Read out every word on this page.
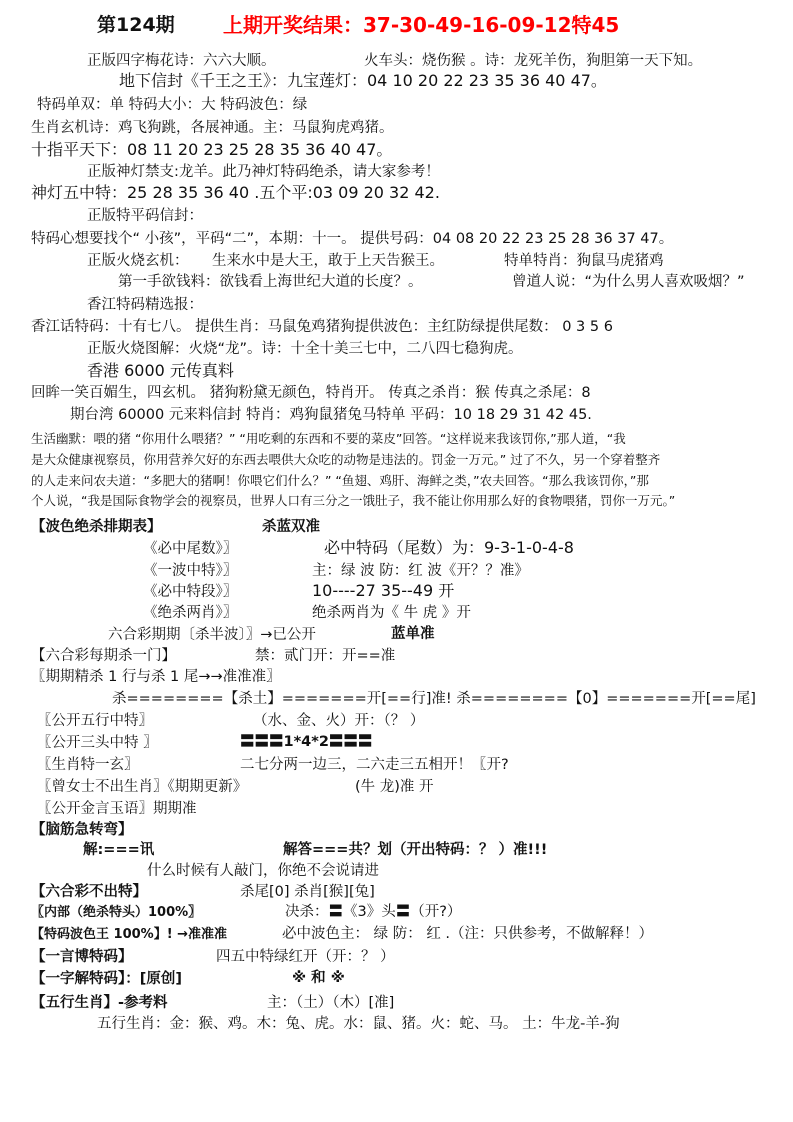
第124期 上期开奖结果：37-30-49-16-09-12特45
正版四字梅花诗：六六大顺。	火车头：烧伤猴 。诗：龙死羊伤，狗胆第一天下知。
地下信封《千王之王》：九宝莲灯：04 10 20 22 23 35 36 40 47。
特码单双：单 特码大小：大 特码波色：绿
生肖玄机诗：鸡飞狗跳，各展神通。主：马鼠狗虎鸡猪。
十指平天下：08 11 20 23 25 28 35 36 40 47。
正版神灯禁支:龙羊。此乃神灯特码绝杀，请大家参考！
神灯五中特：25 28 35 36 40 .五个平:03 09 20 32 42.
正版特平码信封：
特码心想要找个“ 小孩”，平码“二”，本期：十一。 提供号码：04 08 20 22 23 25 28 36 37 47。
正版火烧玄机： 生来水中是大王，敢于上天告猴王。	特单特肖：狗鼠马虎猪鸡
第一手欲钱料：欲钱看上海世纪大道的长度？。	曾道人说：“为什么男人喜欢吸烟？”
香江特码精选报：
香江话特码：十有七八。 提供生肖：马鼠兔鸡猪狗提供波色：主红防绿提供尾数： 0 3 5 6
正版火烧图解：火烧“龙”。诗：十全十美三七中，二八四七稳狗虎。
香港 6000 元传真料
回眸一笑百媚生，四玄机。 猪狗粉黛无颜色，特肖开。 传真之杀肖：猴 传真之杀尾：8
期台湾 60000 元来料信封 特肖：鸡狗鼠猪兔马特单 平码：10 18 29 31 42 45.
生活幽默：喂的猪 “你用什么喂猪？” “用吃剩的东西和不要的菜皮”回答。“这样说来我该罚你,”那人道，“我
是大众健康视察员，你用营养欠好的东西去喂供大众吃的动物是违法的。罚金一万元。” 过了不久，另一个穿着整齐
的人走来问农夫道：“多肥大的猪啊！你喂它们什么？” “鱼翅、鸡肝、海鲜之类，”农夫回答。“那么我该罚你，”那
个人说，“我是国际食物学会的视察员，世界人口有三分之一饿肚子，我不能让你用那么好的食物喂猪，罚你一万元。”
【波色绝杀排期表】	杀蓝双准
《必中尾数》〗	必中特码（尾数）为：9-3-1-0-4-8
《一波中特》〗	主：绿 波 防：红 波《开？？准》
《必中特段》〗	10----27 35--49 开
《绝杀两肖》〗	绝杀两肖为《 牛 虎 》开
六合彩期期〔杀半波〕〗→已公开	蓝单准
【六合彩每期杀一门】	禁：贰门开：开==准
〖期期精杀 1 行与杀 1 尾→→准准准〗
杀========【杀土】=======开[==行]准! 杀========【0】=======开[==尾]
〖公开五行中特〗	（水、金、火）开：（？ ）
〖公开三头中特 〗	〓〓〓1*4*2〓〓〓
〖生肖特一玄〗	二七分两一边三，二六走三五相开！〖开?
〖曾女士不出生肖〗《期期更新》	(牛 龙)准 开
〖公开金言玉语〗期期准
【脑筋急转弯】
解:===讯	解答===共？划（开出特码：？ ）准!!!
什么时候有人敲门，你绝不会说请进
【六合彩不出特】	杀尾[0] 杀肖[猴][兔]
〖内部（绝杀特头）100%〗	决杀：〓《3》头〓（开?）
【特码波色王 100%】! →准准准	必中波色主： 绿 防： 红 .（注：只供参考，不做解释！）
【一言博特码】	四五中特绿红开（开：？ ）
【一字解特码】：[原创]	※ 和 ※
【五行生肖】-参考料	主：（土）（木）[准]
五行生肖：金：猴、鸡。木：兔、虎。水：鼠、猪。火：蛇、马。 土：牛龙-羊-狗
